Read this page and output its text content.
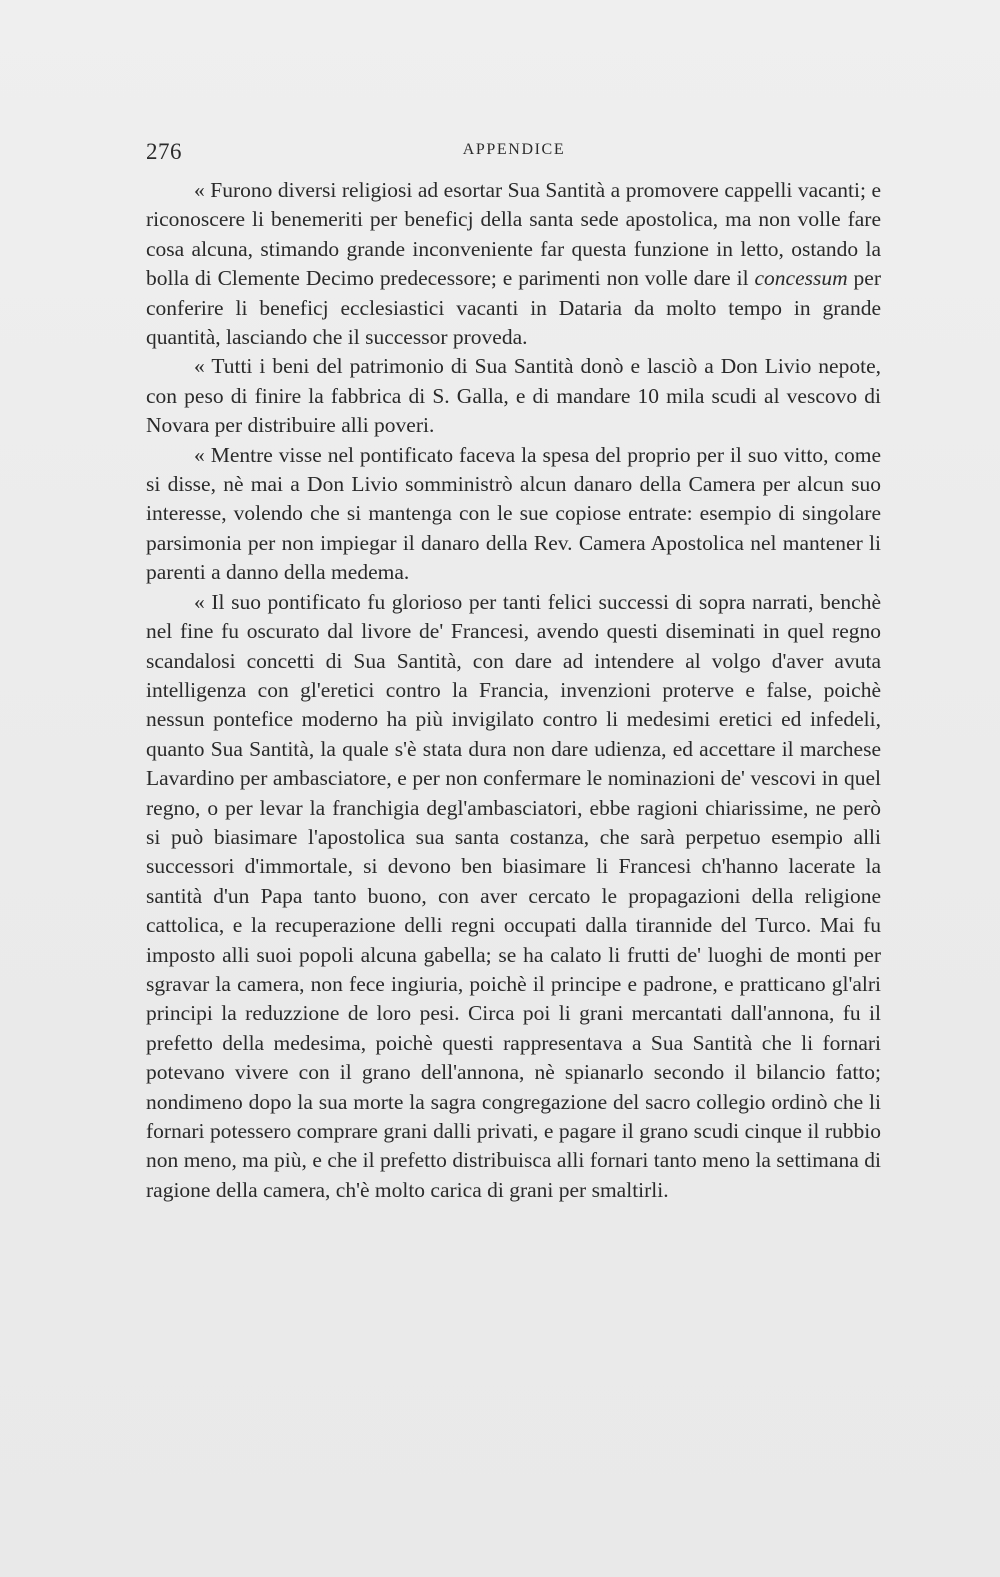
276	APPENDICE

« Furono diversi religiosi ad esortar Sua Santità a promovere cappelli vacanti; e riconoscere li benemeriti per beneficj della santa sede apostolica, ma non volle fare cosa alcuna, stimando grande inconveniente far questa funzione in letto, ostando la bolla di Clemente Decimo predecessore; e parimenti non volle dare il concessum per conferire li beneficj ecclesiastici vacanti in Dataria da molto tempo in grande quantità, lasciando che il successor proveda.

« Tutti i beni del patrimonio di Sua Santità donò e lasciò a Don Livio nepote, con peso di finire la fabbrica di S. Galla, e di mandare 10 mila scudi al vescovo di Novara per distribuire alli poveri.

« Mentre visse nel pontificato faceva la spesa del proprio per il suo vitto, come si disse, nè mai a Don Livio somministrò alcun danaro della Camera per alcun suo interesse, volendo che si mantenga con le sue copiose entrate: esempio di singolare parsimonia per non impiegar il danaro della Rev. Camera Apostolica nel mantener li parenti a danno della medema.

« Il suo pontificato fu glorioso per tanti felici successi di sopra narrati, benchè nel fine fu oscurato dal livore de' Francesi, avendo questi diseminati in quel regno scandalosi concetti di Sua Santità, con dare ad intendere al volgo d'aver avuta intelligenza con gl'eretici contro la Francia, invenzioni proterve e false, poichè nessun pontefice moderno ha più invigilato contro li medesimi eretici ed infedeli, quanto Sua Santità, la quale s'è stata dura non dare udienza, ed accettare il marchese Lavardino per ambasciatore, e per non confermare le nominazioni de' vescovi in quel regno, o per levar la franchigia degl'ambasciatori, ebbe ragioni chiarissime, ne però si può biasimare l'apostolica sua santa costanza, che sarà perpetuo esempio alli successori d'immortale, si devono ben biasimare li Francesi ch'hanno lacerate la santità d'un Papa tanto buono, con aver cercato le propagazioni della religione cattolica, e la recuperazione delli regni occupati dalla tirannide del Turco. Mai fu imposto alli suoi popoli alcuna gabella; se ha calato li frutti de' luoghi de monti per sgravar la camera, non fece ingiuria, poichè il principe e padrone, e pratticano gl'alri principi la reduzzione de loro pesi. Circa poi li grani mercantati dall'annona, fu il prefetto della medesima, poichè questi rappresentava a Sua Santità che li fornari potevano vivere con il grano dell'annona, nè spianarlo secondo il bilancio fatto; nondimeno dopo la sua morte la sagra congregazione del sacro collegio ordinò che li fornari potessero comprare grani dalli privati, e pagare il grano scudi cinque il rubbio non meno, ma più, e che il prefetto distribuisca alli fornari tanto meno la settimana di ragione della camera, ch'è molto carica di grani per smaltirli.
